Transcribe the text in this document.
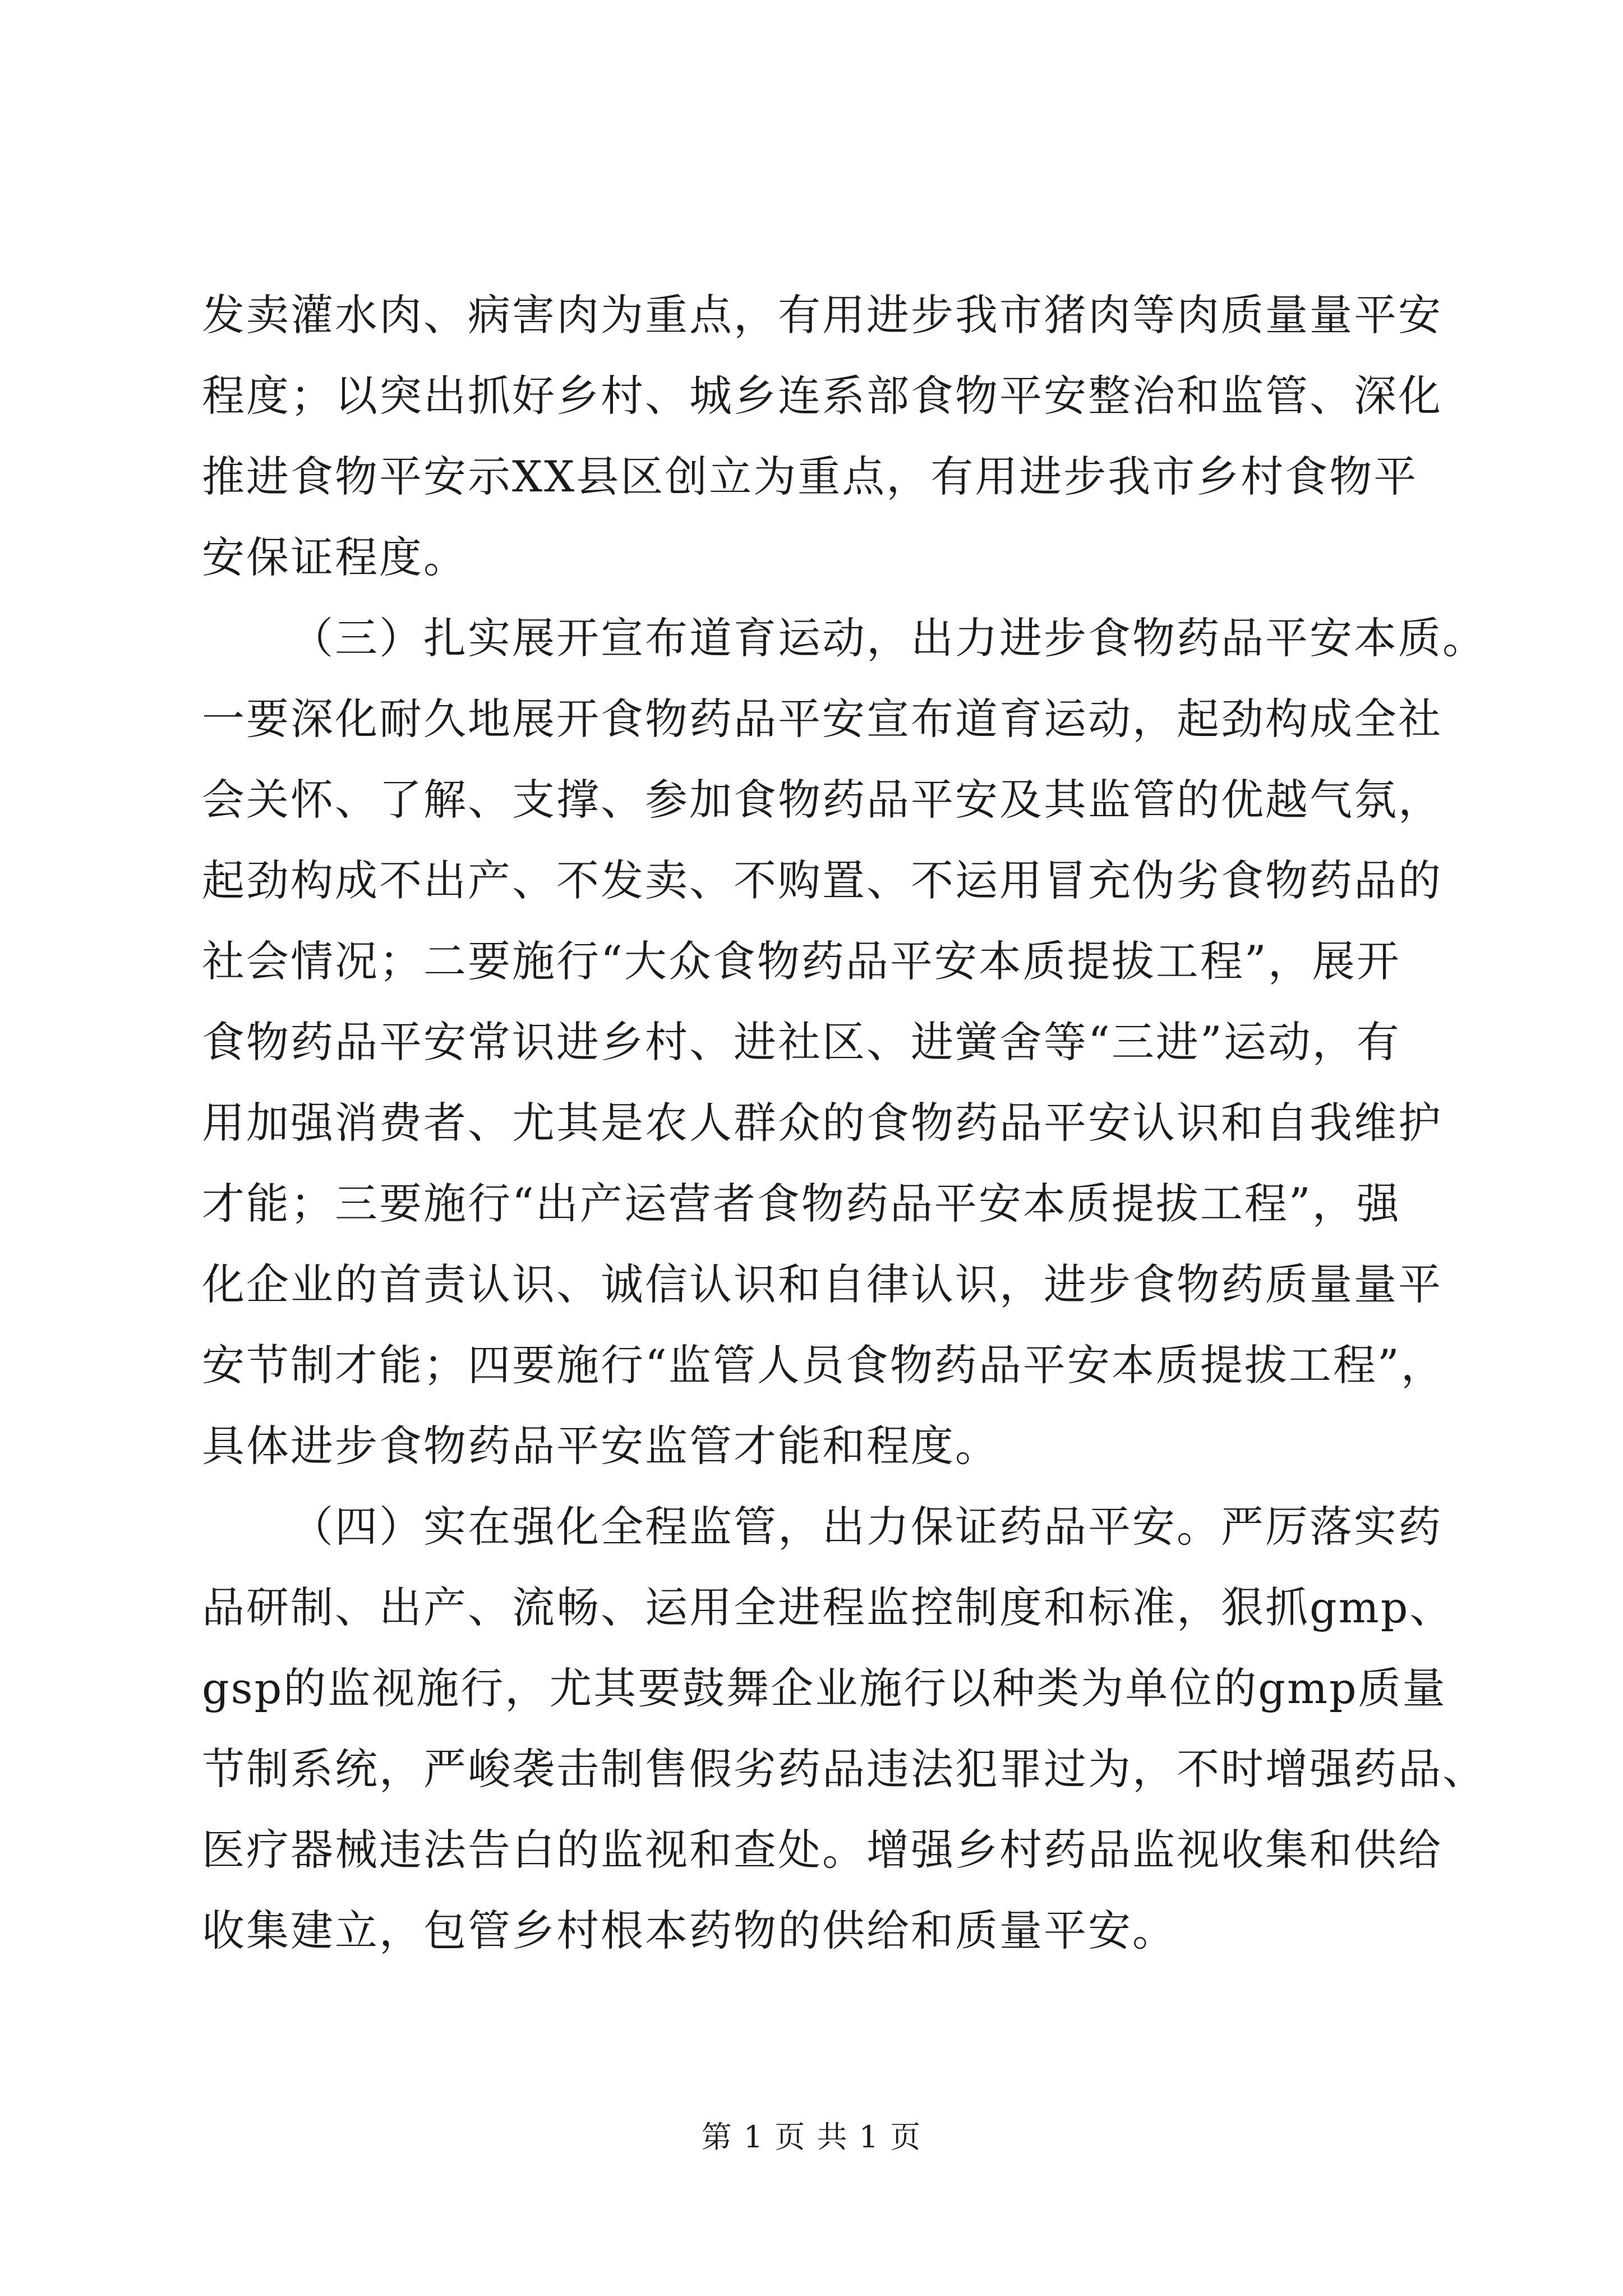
发卖灌水肉、病害肉为重点，有用进步我市猪肉等肉质量量平安
程度；以突出抓好乡村、城乡连系部食物平安整治和监管、深化
推进食物平安示XX县区创立为重点，有用进步我市乡村食物平
安保证程度。
（三）扎实展开宣布道育运动，出力进步食物药品平安本质。
一要深化耐久地展开食物药品平安宣布道育运动，起劲构成全社
会关怀、了解、支撑、参加食物药品平安及其监管的优越气氛，
起劲构成不出产、不发卖、不购置、不运用冒充伪劣食物药品的
社会情况；二要施行“大众食物药品平安本质提拔工程”，展开
食物药品平安常识进乡村、进社区、进黉舍等“三进”运动，有
用加强消费者、尤其是农人群众的食物药品平安认识和自我维护
才能；三要施行“出产运营者食物药品平安本质提拔工程”，强
化企业的首责认识、诚信认识和自律认识，进步食物药质量量平
安节制才能；四要施行“监管人员食物药品平安本质提拔工程”，
具体进步食物药品平安监管才能和程度。
（四）实在强化全程监管，出力保证药品平安。严厉落实药
品研制、出产、流畅、运用全进程监控制度和标准，狠抓gmp、
gsp的监视施行，尤其要鼓舞企业施行以种类为单位的gmp质量
节制系统，严峻袭击制售假劣药品违法犯罪过为，不时增强药品、
医疗器械违法告白的监视和查处。增强乡村药品监视收集和供给
收集建立，包管乡村根本药物的供给和质量平安。
第 1 页 共 1 页
